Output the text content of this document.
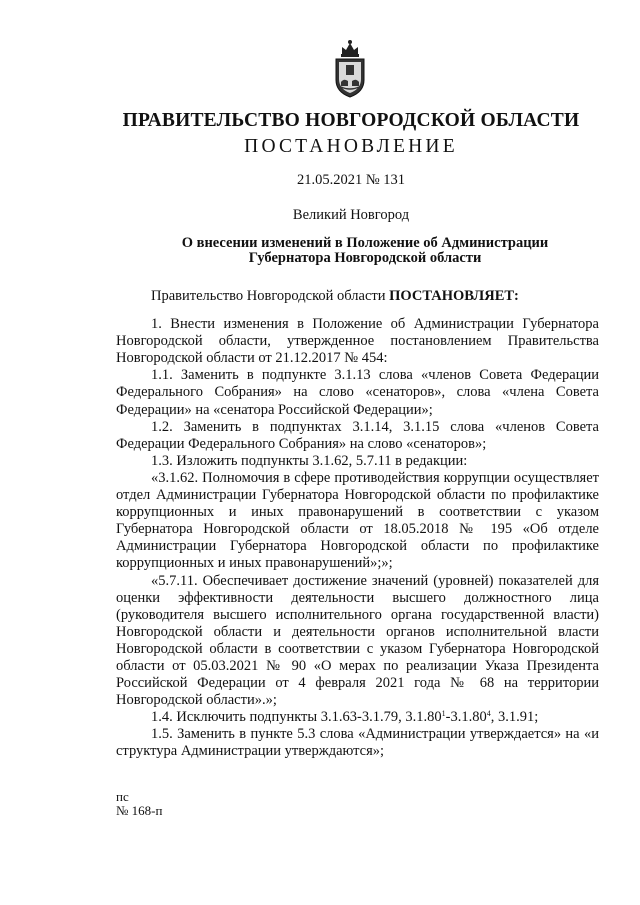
ПРАВИТЕЛЬСТВО НОВГОРОДСКОЙ ОБЛАСТИ
ПОСТАНОВЛЕНИЕ
21.05.2021 № 131
Великий Новгород
О внесении изменений в Положение об Администрации
Губернатора Новгородской области

Правительство Новгородской области ПОСТАНОВЛЯЕТ:

1. Внести изменения в Положение об Администрации Губернатора Новгородской области, утвержденное постановлением Правительства Новгородской области от 21.12.2017 № 454:

1.1. Заменить в подпункте 3.1.13 слова «членов Совета Федерации Федерального Собрания» на слово «сенаторов», слова «члена Совета Федерации» на «сенатора Российской Федерации»;

1.2. Заменить в подпунктах 3.1.14, 3.1.15 слова «членов Совета Федерации Федерального Собрания» на слово «сенаторов»;

1.3. Изложить подпункты 3.1.62, 5.7.11 в редакции:

«3.1.62. Полномочия в сфере противодействия коррупции осуществляет отдел Администрации Губернатора Новгородской области по профилактике коррупционных и иных правонарушений в соответствии с указом Губернатора Новгородской области от 18.05.2018 № 195 «Об отделе Администрации Губернатора Новгородской области по профилактике коррупционных и иных правонарушений»;»;

«5.7.11. Обеспечивает достижение значений (уровней) показателей для оценки эффективности деятельности высшего должностного лица (руководителя высшего исполнительного органа государственной власти) Новгородской области и деятельности органов исполнительной власти Новгородской области в соответствии с указом Губернатора Новгородской области от 05.03.2021 № 90 «О мерах по реализации Указа Президента Российской Федерации от 4 февраля 2021 года № 68 на территории Новгородской области».»;

1.4. Исключить подпункты 3.1.63-3.1.79, 3.1.80$^1$-3.1.80$^4$, 3.1.91;

1.5. Заменить в пункте 5.3 слова «Администрации утверждается» на «и структура Администрации утверждаются»;

пс
№ 168-п
